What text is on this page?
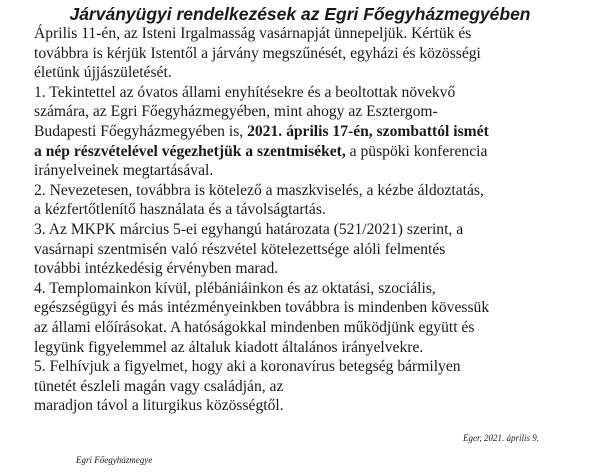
Járványügyi rendelkezések az Egri Főegyházmegyében
Április 11-én, az Isteni Irgalmasság vasárnapját ünnepeljük. Kértük és
továbbra is kérjük Istentől a járvány megszűnését, egyházi és közösségi
életünk újjászületését.
1. Tekintettel az óvatos állami enyhítésekre és a beoltottak növekvő
számára, az Egri Főegyházmegyében, mint ahogy az Esztergom-
Budapesti Főegyházmegyében is, 2021. április 17-én, szombattól ismét
a nép részvételével végezhetjük a szentmiséket, a püspöki konferencia
irányelveinek megtartásával.
2. Nevezetesen, továbbra is kötelező a maszkviselés, a kézbe áldoztatás,
a kézfertőtlenítő használata és a távolságtartás.
3. Az MKPK március 5-ei egyhangú határozata (521/2021) szerint, a
vasárnapi szentmisén való részvétel kötelezettsége alóli felmentés
további intézkedésig érvényben marad.
4. Templomainkon kívül, plébániáinkon és az oktatási, szociális,
egészségügyi és más intézményeinkben továbbra is mindenben kövessük
az állami előírásokat. A hatóságokkal mindenben működjünk együtt és
legyünk figyelemmel az általuk kiadott általános irányelvekre.
5. Felhívjuk a figyelmet, hogy aki a koronavírus betegség bármilyen
tünetét észleli magán vagy családján, az
maradjon távol a liturgikus közösségtől.
Eger, 2021. április 9.
Egri Főegyházmegye
